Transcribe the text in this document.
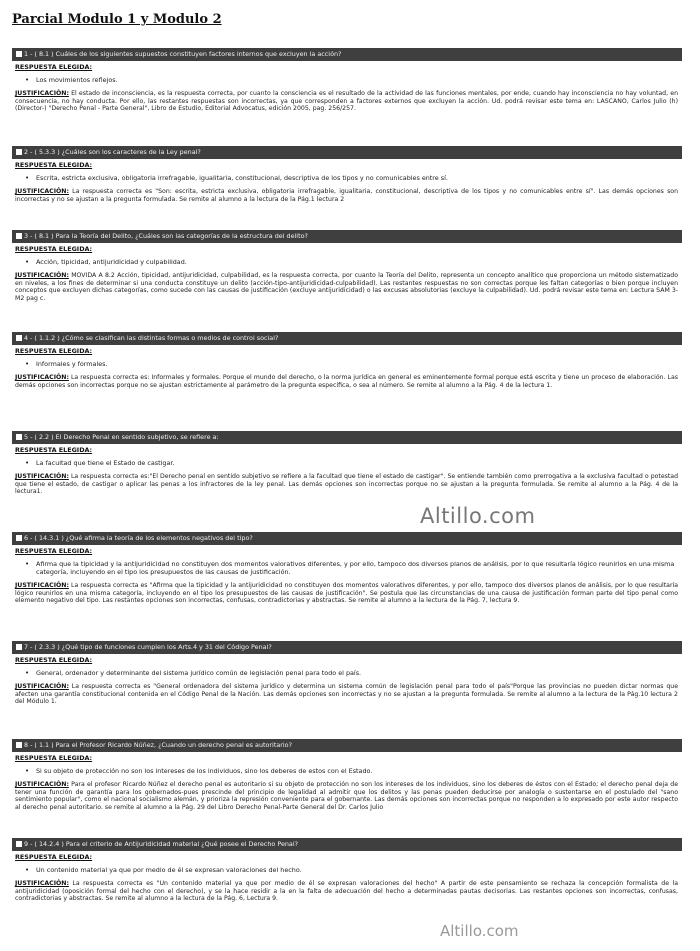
Parcial Modulo 1 y Modulo 2
1 - ( 8.1 ) Cuáles de los siguientes supuestos constituyen factores internos que excluyen la acción?
RESPUESTA ELEGIDA:
• Los movimientos reflejos.
JUSTIFICACIÓN: El estado de inconsciencia, es la respuesta correcta, por cuanto la consciencia es el resultado de la actividad de las funciones mentales, por ende, cuando hay inconsciencia no hay voluntad, en consecuencia, no hay conducta. Por ello, las restantes respuestas son incorrectas, ya que corresponden a factores externos que excluyen la acción. Ud. podrá revisar este tema en: LASCANO, Carlos Julio (h) (Director-) "Derecho Penal - Parte General", Libro de Estudio, Editorial Advocatus, edición 2005, pag. 256/257.
2 - ( 5.3.3 ) ¿Cuáles son los caracteres de la Ley penal?
RESPUESTA ELEGIDA:
• Escrita, estricta exclusiva, obligatoria irrefragable, igualitaria, constitucional, descriptiva de los tipos y no comunicables entre sí.
JUSTIFICACIÓN: La respuesta correcta es "Son: escrita, estricta exclusiva, obligatoria irrefragable, igualitaria, constitucional, descriptiva de los tipos y no comunicables entre sí". Las demás opciones son incorrectas y no se ajustan a la pregunta formulada. Se remite al alumno a la lectura de la Pág.1 lectura 2
3 - ( 8.1 ) Para la Teoría del Delito, ¿Cuáles son las categorías de la estructura del delito?
RESPUESTA ELEGIDA:
• Acción, tipicidad, antijuridicidad y culpabilidad.
JUSTIFICACIÓN: MOVIDA A 8.2 Acción, tipicidad, antijuridicidad, culpabilidad, es la respuesta correcta, por cuanto la Teoría del Delito, representa un concepto analítico que proporciona un método sistematizado en niveles, a los fines de determinar si una conducta constituye un delito (acción-tipo-antijuridicidad-culpabilidad). Las restantes respuestas no son correctas porque les faltan categorías o bien porque incluyen conceptos que excluyen dichas categorías, como sucede con las causas de justificación (excluye antijuridicidad) o las excusas absolutorias (excluye la culpabilidad). Ud. podrá revisar este tema en: Lectura SAM 3-M2 pag c.
4 - ( 1.1.2 ) ¿Cómo se clasifican las distintas formas o medios de control social?
RESPUESTA ELEGIDA:
• Informales y formales.
JUSTIFICACIÓN: La respuesta correcta es: Informales y formales. Porque el mundo del derecho, o la norma jurídica en general es eminentemente formal porque está escrita y tiene un proceso de elaboración. Las demás opciones son incorrectas porque no se ajustan estrictamente al parámetro de la pregunta específica, o sea al número. Se remite al alumno a la Pág. 4 de la lectura 1.
5 - ( 2.2 ) El Derecho Penal en sentido subjetivo, se refiere a:
RESPUESTA ELEGIDA:
• La facultad que tiene el Estado de castigar.
JUSTIFICACIÓN: La respuesta correcta es:"El Derecho penal en sentido subjetivo se refiere a la facultad que tiene el estado de castigar". Se entiende también como prerrogativa a la exclusiva facultad o potestad que tiene el estado, de castigar o aplicar las penas a los infractores de la ley penal. Las demás opciones son incorrectas porque no se ajustan a la pregunta formulada. Se remite al alumno a la Pág. 4 de la lectura1.
Altillo.com
6 - ( 14.3.1 ) ¿Qué afirma la teoría de los elementos negativos del tipo?
RESPUESTA ELEGIDA:
• Afirma que la tipicidad y la antijuridicidad no constituyen dos momentos valorativos diferentes, y por ello, tampoco dos diversos planos de análisis, por lo que resultaría lógico reunirlos en una misma categoría, incluyendo en el tipo los presupuestos de las causas de justificación.
JUSTIFICACIÓN: La respuesta correcta es "Afirma que la tipicidad y la antijuridicidad no constituyen dos momentos valorativos diferentes, y por ello, tampoco dos diversos planos de análisis, por lo que resultaría lógico reunirlos en una misma categoría, incluyendo en el tipo los presupuestos de las causas de justificación". Se postula que las circunstancias de una causa de justificación forman parte del tipo penal como elemento negativo del tipo. Las restantes opciones son incorrectas, confusas, contradictorias y abstractas. Se remite al alumno a la lectura de la Pág. 7, lectura 9.
7 - ( 2.3.3 ) ¿Qué tipo de funciones cumplen los Arts.4 y 31 del Código Penal?
RESPUESTA ELEGIDA:
• General, ordenador y determinante del sistema jurídico común de legislación penal para todo el país.
JUSTIFICACIÓN: La respuesta correcta es "General ordenadora del sistema jurídico y determina un sistema común de legislación penal para todo el país"Porque las provincias no pueden dictar normas que afecten una garantía constitucional contenida en el Código Penal de la Nación. Las demás opciones son incorrectas y no se ajustan a la pregunta formulada. Se remite al alumno a la lectura de la Pág.10 lectura 2 del Módulo 1.
8 - ( 1.1 ) Para el Profesor Ricardo Núñez, ¿Cuando un derecho penal es autoritario?
RESPUESTA ELEGIDA:
• Si su objeto de protección no son los intereses de los individuos, sino los deberes de estos con el Estado.
JUSTIFICACIÓN: Para el profesor Ricardo Núñez el derecho penal es autoritario si su objeto de protección no son los intereses de los individuos, sino los deberes de éstos con el Estado; el derecho penal deja de tener una función de garantía para los gobernados-pues prescinde del principio de legalidad al admitir que los delitos y las penas pueden deducirse por analogía o sustentarse en el postulado del "sano sentimiento popular", como el nacional socialismo alemán, y prioriza la represión conveniente para el gobernante. Las demás opciones son incorrectas porque no responden a lo expresado por este autor respecto al derecho penal autoritario. se remite al alumno a la Pág. 29 del Libro Derecho Penal-Parte General del Dr. Carlos Julio
9 - ( 14.2.4 ) Para el criterio de Antijuridicidad material ¿Qué posee el Derecho Penal?
RESPUESTA ELEGIDA:
• Un contenido material ya que por medio de él se expresan valoraciones del hecho.
JUSTIFICACIÓN: La respuesta correcta es "Un contenido material ya que por medio de él se expresan valoraciones del hecho" A partir de este pensamiento se rechaza la concepción formalista de la antijuridicidad (oposición formal del hecho con el derecho), y se la hace residir a la en la falta de adecuación del hecho a determinadas pautas decisorias. Las restantes opciones son incorrectas, confusas, contradictorias y abstractas. Se remite al alumno a la lectura de la Pág. 6, Lectura 9.
Altillo.com
